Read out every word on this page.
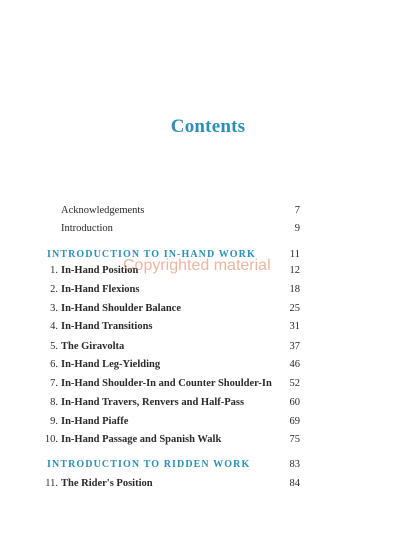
Contents
Acknowledgements	7
Introduction	9
INTRODUCTION TO IN-HAND WORK	11
1. In-Hand Position	12
2. In-Hand Flexions	18
3. In-Hand Shoulder Balance	25
4. In-Hand Transitions	31
5. The Giravolta	37
6. In-Hand Leg-Yielding	46
7. In-Hand Shoulder-In and Counter Shoulder-In 52
8. In-Hand Travers, Renvers and Half-Pass	60
9. In-Hand Piaffe	69
10. In-Hand Passage and Spanish Walk	75
INTRODUCTION TO RIDDEN WORK	83
11. The Rider's Position	84
Copyrighted material
